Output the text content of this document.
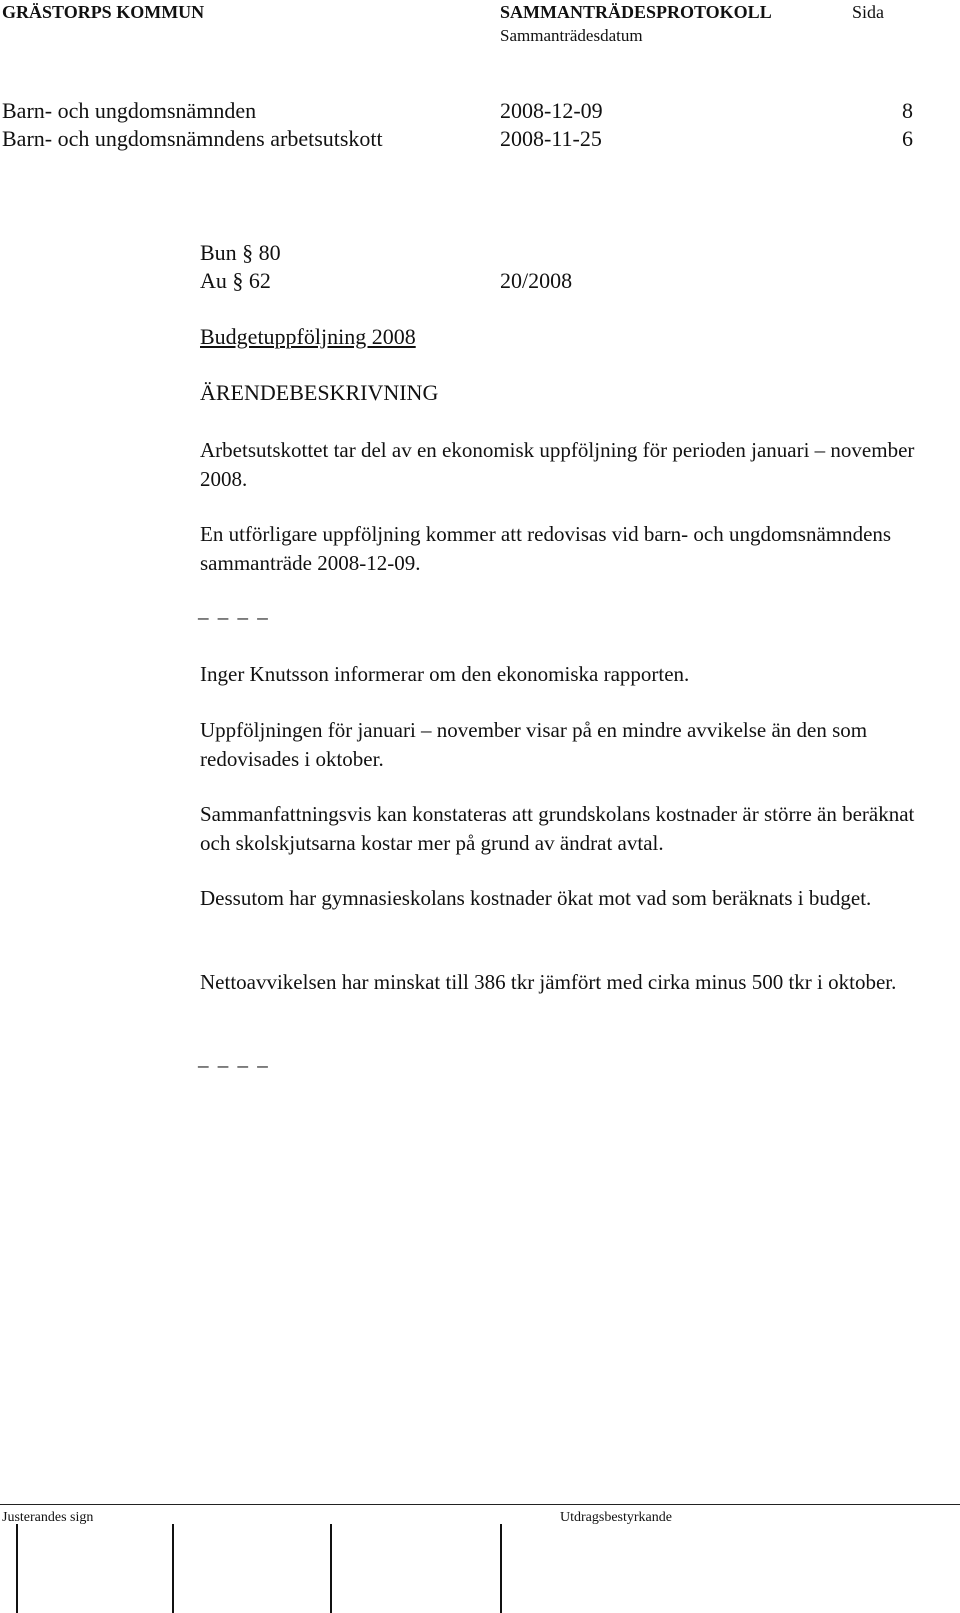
GRÄSTORPS KOMMUN	SAMMANTRÄDESPROTOKOLL	Sida
Sammanträdesdatum
Barn- och ungdomsnämnden	2008-12-09	8
Barn- och ungdomsnämndens arbetsutskott	2008-11-25	6
Bun § 80
Au § 62	20/2008
Budgetuppföljning 2008
ÄRENDEBESKRIVNING
Arbetsutskottet tar del av en ekonomisk uppföljning för perioden januari – november 2008.
En utförligare uppföljning kommer att redovisas vid barn- och ungdomsnämndens sammanträde 2008-12-09.
_ _ _ _
Inger Knutsson informerar om den ekonomiska rapporten.
Uppföljningen för januari – november visar på en mindre avvikelse än den som redovisades i oktober.
Sammanfattningsvis kan konstateras att grundskolans kostnader är större än beräknat och skolskjutsarna kostar mer på grund av ändrat avtal.
Dessutom har gymnasieskolans kostnader ökat mot vad som beräknats i budget.
Nettoavvikelsen har minskat till 386 tkr jämfört med cirka minus 500 tkr i oktober.
_ _ _ _
Justerandes sign	Utdragsbestyrkande
